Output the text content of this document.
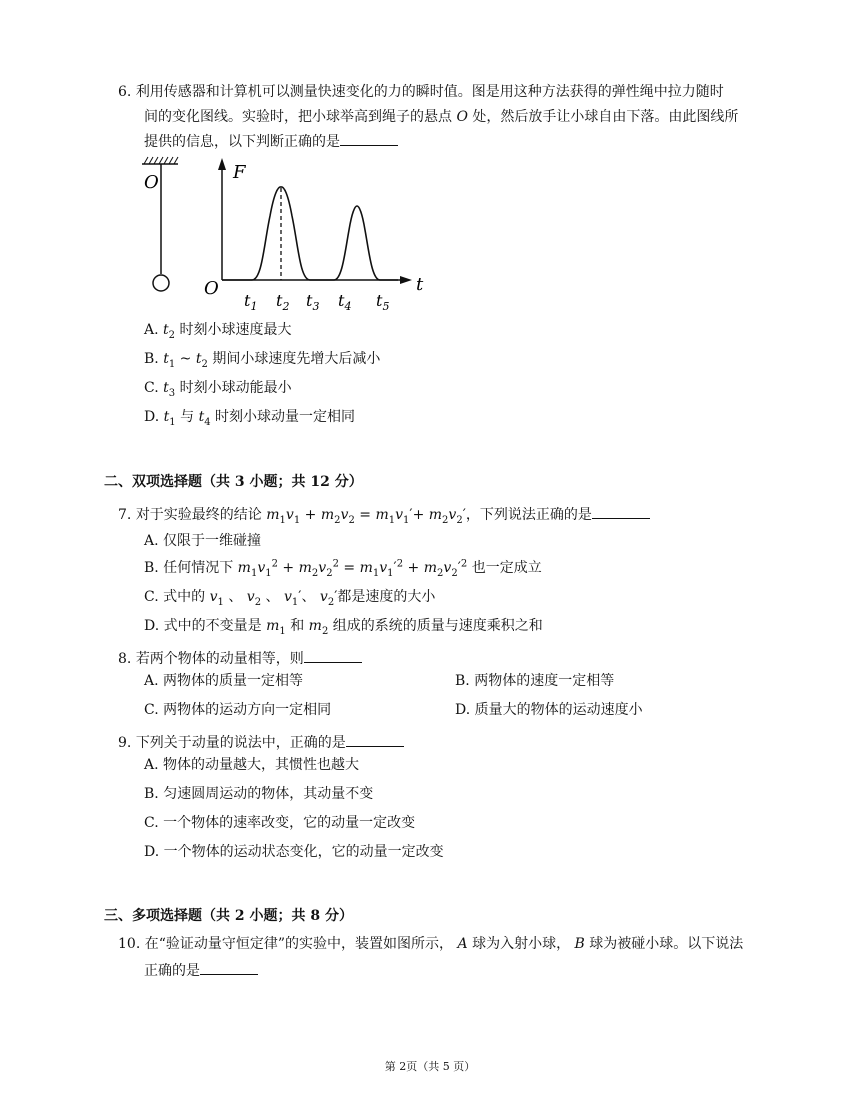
6. 利用传感器和计算机可以测量快速变化的力的瞬时值。图是用这种方法获得的弹性绳中拉力随时
间的变化图线。实验时，把小球举高到绳子的悬点 O 处，然后放手让小球自由下落。由此图线所
提供的信息，以下判断正确的是
O	F
t
O
$t_1$ $t_2$ $t_3$ $t_4$ $t_5$
A. $t_2$ 时刻小球速度最大
B. $t_1$ ~ $t_2$ 期间小球速度先增大后减小
C. $t_3$ 时刻小球动能最小
D. $t_1$ 与 $t_4$ 时刻小球动量一定相同
二、双项选择题（共 3 小题；共 12 分）
7. 对于实验最终的结论 $m_1v_1 + m_2v_2 = m_1v_1'+ m_2v_2'$，下列说法正确的是
A. 仅限于一维碰撞
B. 任何情况下 $m_1v_1^2 + m_2v_2^2 = m_1v_1'^2 + m_2v_2'^2$ 也一定成立
C. 式中的 $v_1$ 、 $v_2$ 、 $v_1'$、 $v_2'$都是速度的大小
D. 式中的不变量是 $m_1$ 和 $m_2$ 组成的系统的质量与速度乘积之和
8. 若两个物体的动量相等，则
A. 两物体的质量一定相等	B. 两物体的速度一定相等
C. 两物体的运动方向一定相同	D. 质量大的物体的运动速度小
9. 下列关于动量的说法中，正确的是
A. 物体的动量越大，其惯性也越大
B. 匀速圆周运动的物体，其动量不变
C. 一个物体的速率改变，它的动量一定改变
D. 一个物体的运动状态变化，它的动量一定改变
三、多项选择题（共 2 小题；共 8 分）
10. 在“验证动量守恒定律”的实验中，装置如图所示， A 球为入射小球， B 球为被碰小球。以下说法
正确的是
第 2页（共 5 页）
